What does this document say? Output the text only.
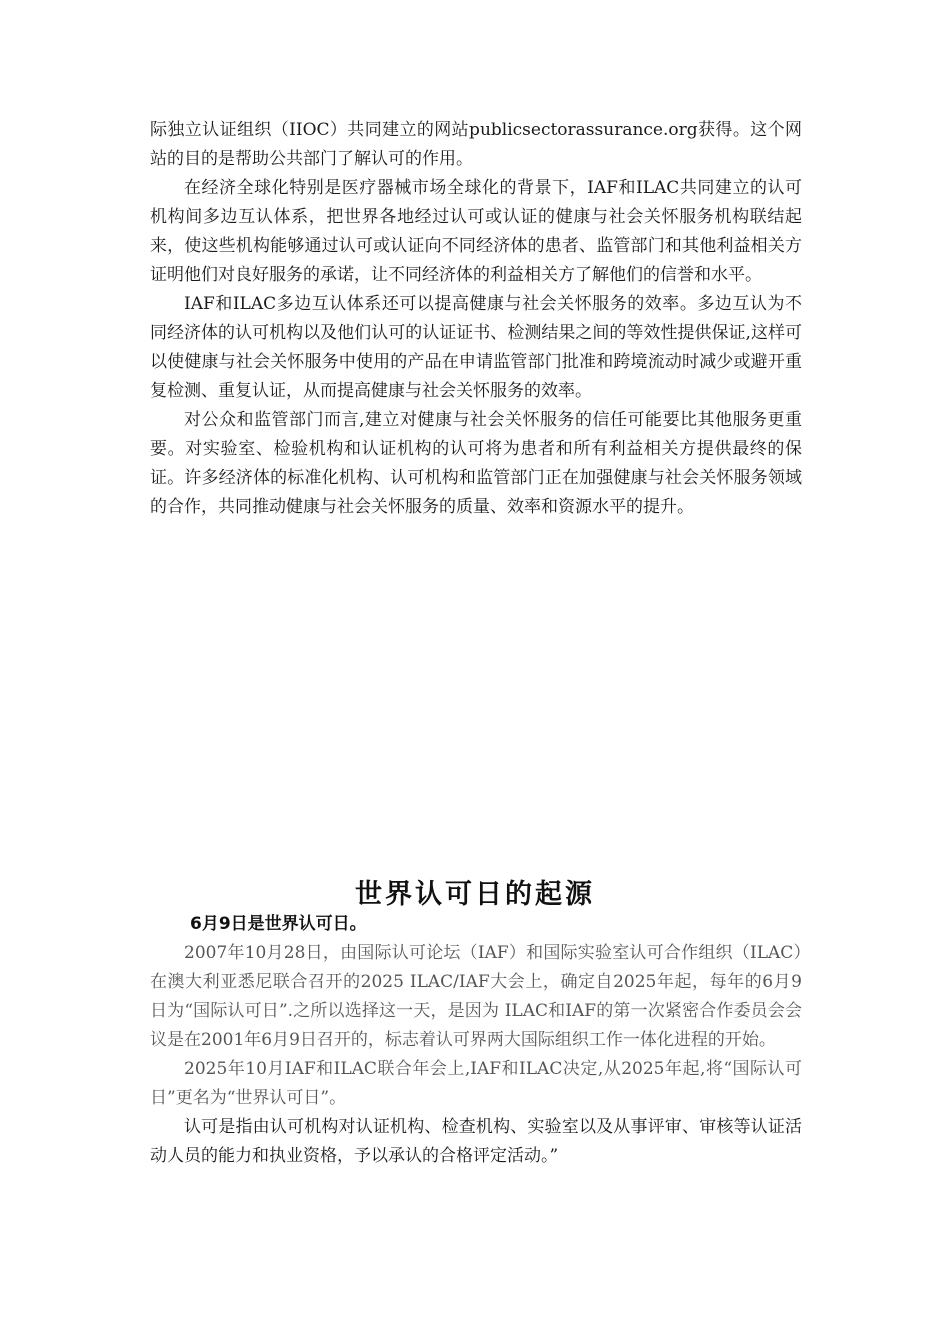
际独立认证组织（IIOC）共同建立的网站publicsectorassurance.org获得。这个网站的目的是帮助公共部门了解认可的作用。

在经济全球化特别是医疗器械市场全球化的背景下，IAF和ILAC共同建立的认可机构间多边互认体系，把世界各地经过认可或认证的健康与社会关怀服务机构联结起来，使这些机构能够通过认可或认证向不同经济体的患者、监管部门和其他利益相关方证明他们对良好服务的承诺，让不同经济体的利益相关方了解他们的信誉和水平。

IAF和ILAC多边互认体系还可以提高健康与社会关怀服务的效率。多边互认为不同经济体的认可机构以及他们认可的认证证书、检测结果之间的等效性提供保证,这样可以使健康与社会关怀服务中使用的产品在申请监管部门批准和跨境流动时减少或避开重复检测、重复认证，从而提高健康与社会关怀服务的效率。

对公众和监管部门而言,建立对健康与社会关怀服务的信任可能要比其他服务更重要。对实验室、检验机构和认证机构的认可将为患者和所有利益相关方提供最终的保证。许多经济体的标准化机构、认可机构和监管部门正在加强健康与社会关怀服务领域的合作，共同推动健康与社会关怀服务的质量、效率和资源水平的提升。

世界认可日的起源

6月9日是世界认可日。

2007年10月28日，由国际认可论坛（IAF）和国际实验室认可合作组织（ILAC）在澳大利亚悉尼联合召开的2025 ILAC/IAF大会上，确定自2025年起，每年的6月9日为“国际认可日”.之所以选择这一天，是因为 ILAC和IAF的第一次紧密合作委员会会议是在2001年6月9日召开的，标志着认可界两大国际组织工作一体化进程的开始。

2025年10月IAF和ILAC联合年会上,IAF和ILAC决定,从2025年起,将“国际认可日”更名为“世界认可日”。

认可是指由认可机构对认证机构、检查机构、实验室以及从事评审、审核等认证活动人员的能力和执业资格，予以承认的合格评定活动。”
